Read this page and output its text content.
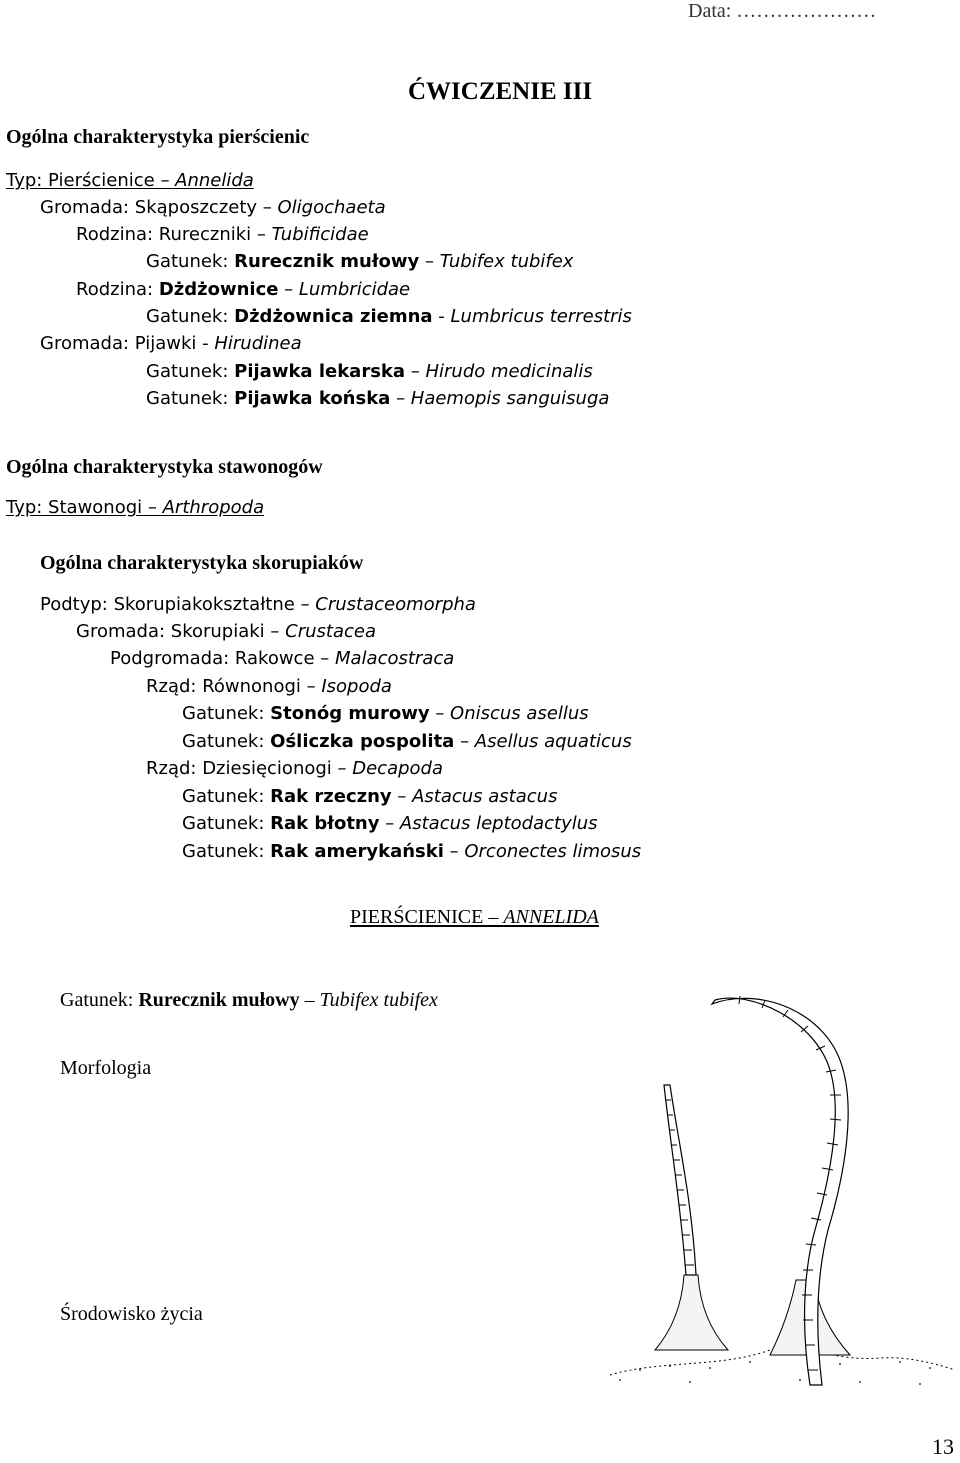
Data: …………………
ĆWICZENIE III
Ogólna charakterystyka pierścienic
Typ: Pierścienice – Annelida
Gromada: Skąposzczety – Oligochaeta
Rodzina: Rureczniki – Tubificidae
Gatunek: Rurecznik mułowy – Tubifex tubifex
Rodzina: Dżdżownice – Lumbricidae
Gatunek: Dżdżownica ziemna - Lumbricus terrestris
Gromada: Pijawki - Hirudinea
Gatunek: Pijawka lekarska – Hirudo medicinalis
Gatunek: Pijawka końska – Haemopis sanguisuga
Ogólna charakterystyka stawonogów
Typ: Stawonogi – Arthropoda
Ogólna charakterystyka skorupiaków
Podtyp: Skorupiakokształtne – Crustaceomorpha
Gromada: Skorupiaki – Crustacea
Podgromada: Rakowce – Malacostraca
Rząd: Równonogi – Isopoda
Gatunek: Stonóg murowy – Oniscus asellus
Gatunek: Ośliczka pospolita – Asellus aquaticus
Rząd: Dziesięcionogi – Decapoda
Gatunek: Rak rzeczny – Astacus astacus
Gatunek: Rak błotny – Astacus leptodactylus
Gatunek: Rak amerykański – Orconectes limosus
PIERŚCIENICE – ANNELIDA
Gatunek: Rurecznik mułowy – Tubifex tubifex
Morfologia
Środowisko życia
13
